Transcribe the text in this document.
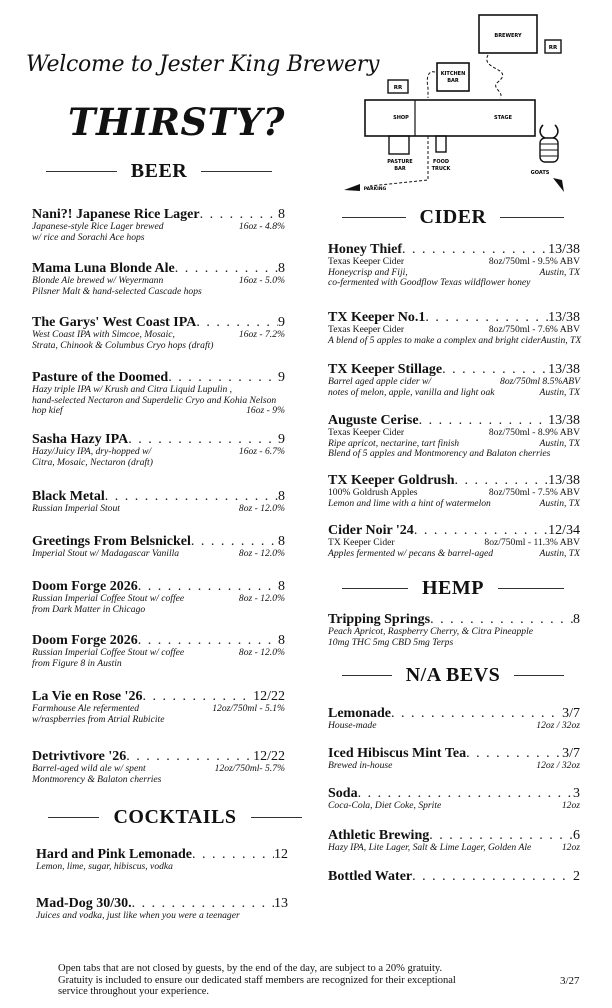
Welcome to Jester King Brewery
THIRSTY?
BREWERY
RR
KITCHEN
BAR
RR
SHOP	STAGE
PASTURE
BAR
FOOD
TRUCK
PARKING
GOATS
BEER
COCKTAILS
CIDER
HEMP
N/A BEVS
Nani?! Japanese Rice Lager . . .	8
Japanese-style Rice Lager brewed	16oz - 4.8%
w/ rice and Sorachi Ace hops
Mama Luna Blonde Ale . . .	8
Blonde Ale brewed w/ Weyermann	16oz - 5.0%
Pilsner Malt & hand-selected Cascade hops
The Garys' West Coast IPA . . .	9
West Coast IPA with Simcoe, Mosaic,	16oz - 7.2%
Strata, Chinook & Columbus Cryo hops (draft)
Pasture of the Doomed . . .	9
Hazy triple IPA w/ Krush and Citra Liquid Lupulin ,
hand-selected Nectaron and Superdelic Cryo and Kohia Nelson
hop kief	16oz - 9%
Sasha Hazy IPA . . .	9
Hazy/Juicy IPA, dry-hopped w/	16oz - 6.7%
Citra, Mosaic, Nectaron (draft)
Black Metal . . .	8
Russian Imperial Stout	8oz - 12.0%
Greetings From Belsnickel . . .	8
Imperial Stout w/ Madagascar Vanilla	8oz - 12.0%
Doom Forge 2026 . . .	8
Russian Imperial Coffee Stout w/ coffee	8oz - 12.0%
from Dark Matter in Chicago
Doom Forge 2026 . . .	8
Russian Imperial Coffee Stout w/ coffee	8oz - 12.0%
from Figure 8 in Austin
La Vie en Rose '26 . . .	12/22
Farmhouse Ale refermented	12oz/750ml - 5.1%
w/raspberries from Atrial Rubicite
Detrivtivore '26 . . .	12/22
Barrel-aged wild ale w/ spent	12oz/750ml- 5.7%
Montmorency & Balaton cherries
Hard and Pink Lemonade . . .	12
Lemon, lime, sugar, hibiscus, vodka
Mad-Dog 30/30. . . .	13
Juices and vodka, just like when you were a teenager
Honey Thief . . .	13/38
Texas Keeper Cider	8oz/750ml - 9.5% ABV
Honeycrisp and Fiji,	Austin, TX
co-fermented with Goodflow Texas wildflower honey
TX Keeper No.1 . . .	13/38
Texas Keeper Cider	8oz/750ml - 7.6% ABV
A blend of 5 apples to make a complex and bright cider Austin, TX
TX Keeper Stillage . . .	13/38
Barrel aged apple cider w/	8oz/750ml 8.5%ABV
notes of melon, apple, vanilla and light oak	Austin, TX
Auguste Cerise . . .	13/38
Texas Keeper Cider	8oz/750ml - 8.9% ABV
Ripe apricot, nectarine, tart finish	Austin, TX
Blend of 5 apples and Montmorency and Balaton cherries
TX Keeper Goldrush . . .	13/38
100% Goldrush Apples	8oz/750ml - 7.5% ABV
Lemon and lime with a hint of watermelon	Austin, TX
Cider Noir '24 . . .	12/34
TX Keeper Cider	8oz/750ml - 11.3% ABV
Apples fermented w/ pecans & barrel-aged	Austin, TX
Tripping Springs . . .	8
Peach Apricot, Raspberry Cherry, & Citra Pineapple
10mg THC 5mg CBD 5mg Terps
Lemonade . . .	3/7
House-made	12oz / 32oz
Iced Hibiscus Mint Tea . . .	3/7
Brewed in-house	12oz / 32oz
Soda . . .	3
Coca-Cola, Diet Coke, Sprite	12oz
Athletic Brewing . . .	6
Hazy IPA, Lite Lager, Salt & Lime Lager, Golden Ale	12oz
Bottled Water . . .	2
Open tabs that are not closed by guests, by the end of the day, are subject to a 20% gratuity.
Gratuity is included to ensure our dedicated staff members are recognized for their exceptional
service throughout your experience.
3/27
